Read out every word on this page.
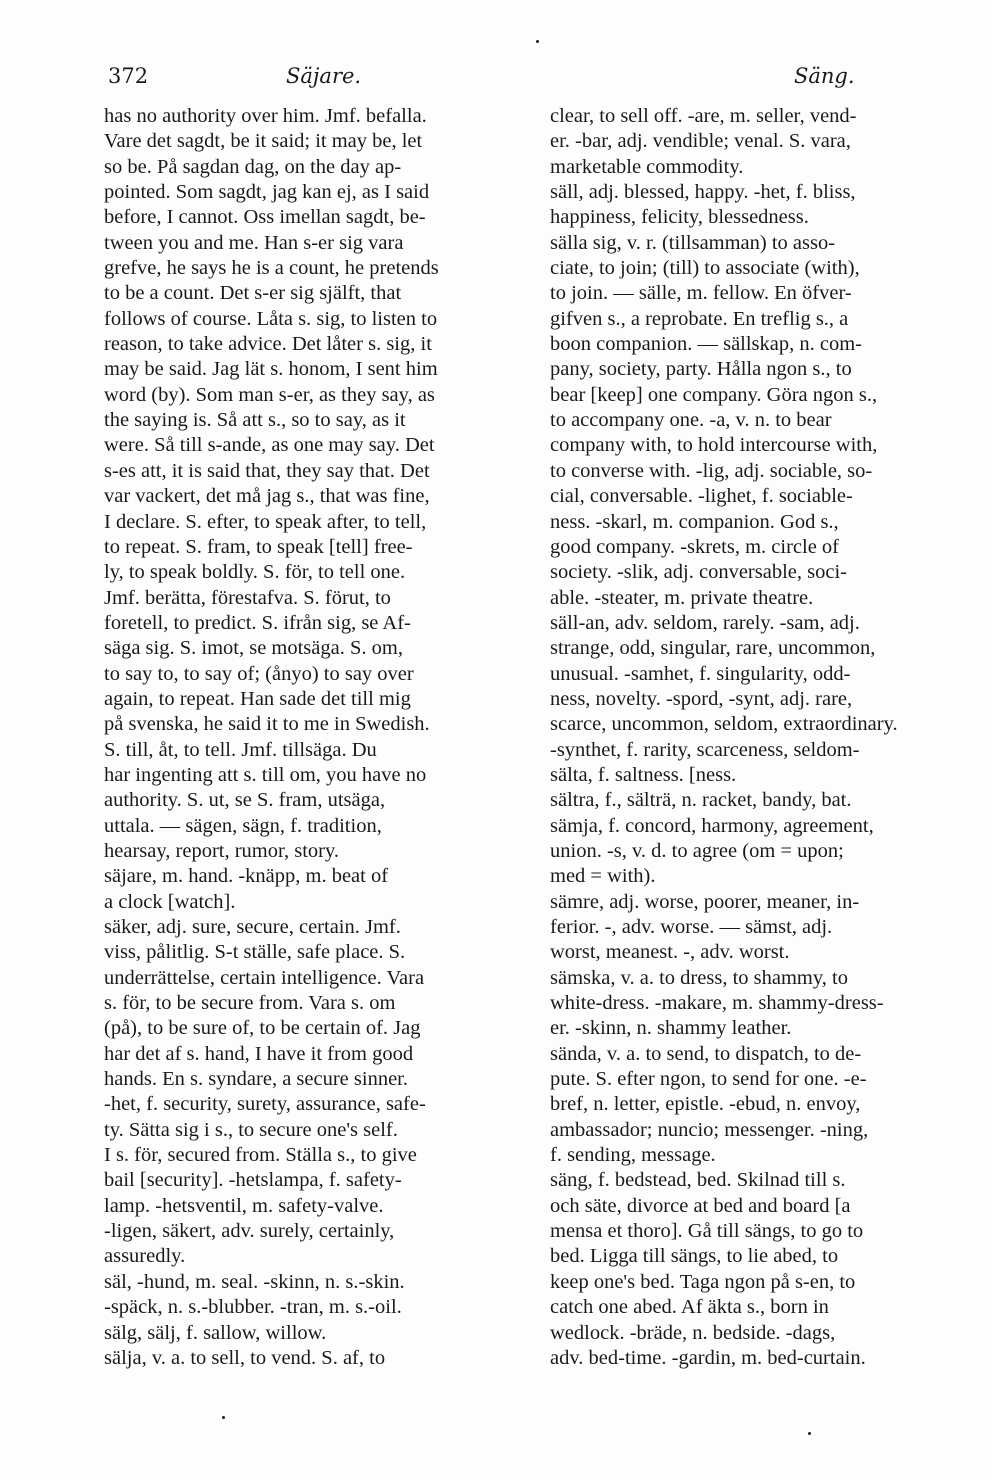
372	Säjare.	Säng.
has no authority over him. Jmf. befalla.
Vare det sagdt, be it said; it may be, let
so be. På sagdan dag, on the day ap-
pointed. Som sagdt, jag kan ej, as I said
before, I cannot. Oss imellan sagdt, be-
tween you and me. Han s-er sig vara
grefve, he says he is a count, he pretends
to be a count. Det s-er sig själft, that
follows of course. Låta s. sig, to listen to
reason, to take advice. Det låter s. sig, it
may be said. Jag lät s. honom, I sent him
word (by). Som man s-er, as they say, as
the saying is. Så att s., so to say, as it
were. Så till s-ande, as one may say. Det
s-es att, it is said that, they say that. Det
var vackert, det må jag s., that was fine,
I declare. S. efter, to speak after, to tell,
to repeat. S. fram, to speak [tell] free-
ly, to speak boldly. S. för, to tell one.
Jmf. berätta, förestafva. S. förut, to
foretell, to predict. S. ifrån sig, se Af-
säga sig. S. imot, se motsäga. S. om,
to say to, to say of; (ånyo) to say over
again, to repeat. Han sade det till mig
på svenska, he said it to me in Swedish.
S. till, åt, to tell. Jmf. tillsäga. Du
har ingenting att s. till om, you have no
authority. S. ut, se S. fram, utsäga,
uttala. — sägen, sägn, f. tradition,
hearsay, report, rumor, story.
säjare, m. hand. -knäpp, m. beat of
a clock [watch].
säker, adj. sure, secure, certain. Jmf.
viss, pålitlig. S-t ställe, safe place. S.
underrättelse, certain intelligence. Vara
s. för, to be secure from. Vara s. om
(på), to be sure of, to be certain of. Jag
har det af s. hand, I have it from good
hands. En s. syndare, a secure sinner.
-het, f. security, surety, assurance, safe-
ty. Sätta sig i s., to secure one's self.
I s. för, secured from. Ställa s., to give
bail [security]. -hetslampa, f. safety-
lamp. -hetsventil, m. safety-valve.
-ligen, säkert, adv. surely, certainly,
assuredly.
säl, -hund, m. seal. -skinn, n. s.-skin.
-späck, n. s.-blubber. -tran, m. s.-oil.
sälg, sälj, f. sallow, willow.
sälja, v. a. to sell, to vend. S. af, to
clear, to sell off. -are, m. seller, vend-
er. -bar, adj. vendible; venal. S. vara,
marketable commodity.
säll, adj. blessed, happy. -het, f. bliss,
happiness, felicity, blessedness.
sälla sig, v. r. (tillsamman) to asso-
ciate, to join; (till) to associate (with),
to join. — sälle, m. fellow. En öfver-
gifven s., a reprobate. En treflig s., a
boon companion. — sällskap, n. com-
pany, society, party. Hålla ngon s., to
bear [keep] one company. Göra ngon s.,
to accompany one. -a, v. n. to bear
company with, to hold intercourse with,
to converse with. -lig, adj. sociable, so-
cial, conversable. -lighet, f. sociable-
ness. -skarl, m. companion. God s.,
good company. -skrets, m. circle of
society. -slik, adj. conversable, soci-
able. -steater, m. private theatre.
säll-an, adv. seldom, rarely. -sam, adj.
strange, odd, singular, rare, uncommon,
unusual. -samhet, f. singularity, odd-
ness, novelty. -spord, -synt, adj. rare,
scarce, uncommon, seldom, extraordinary.
-synthet, f. rarity, scarceness, seldom-
sälta, f. saltness. [ness.
sältra, f., sälträ, n. racket, bandy, bat.
sämja, f. concord, harmony, agreement,
union. -s, v. d. to agree (om = upon;
med = with).
sämre, adj. worse, poorer, meaner, in-
ferior. -, adv. worse. — sämst, adj.
worst, meanest. -, adv. worst.
sämska, v. a. to dress, to shammy, to
white-dress. -makare, m. shammy-dress-
er. -skinn, n. shammy leather.
sända, v. a. to send, to dispatch, to de-
pute. S. efter ngon, to send for one. -e-
bref, n. letter, epistle. -ebud, n. envoy,
ambassador; nuncio; messenger. -ning,
f. sending, message.
säng, f. bedstead, bed. Skilnad till s.
och säte, divorce at bed and board [a
mensa et thoro]. Gå till sängs, to go to
bed. Ligga till sängs, to lie abed, to
keep one's bed. Taga ngon på s-en, to
catch one abed. Af äkta s., born in
wedlock. -bräde, n. bedside. -dags,
adv. bed-time. -gardin, m. bed-curtain.
